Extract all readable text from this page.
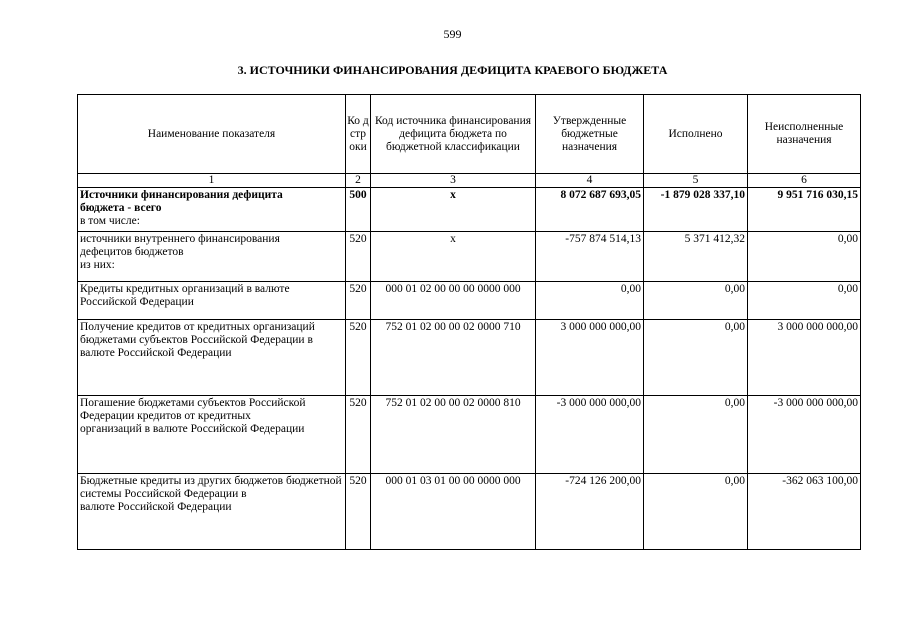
599
3. ИСТОЧНИКИ ФИНАНСИРОВАНИЯ ДЕФИЦИТА КРАЕВОГО БЮДЖЕТА
Наименование показателя	Ко д стр оки	Код источника финансирования дефицита бюджета по бюджетной классификации	Утвержденные бюджетные назначения	Исполнено	Неисполненные назначения
1	2	3	4	5	6

Источники финансирования дефицита
бюджета - всего
в том числе:	500	x	8 072 687 693,05	-1 879 028 337,10	9 951 716 030,15

источники внутреннего финансирования
дефецитов бюджетов
из них:	520	x	-757 874 514,13	5 371 412,32	0,00

Кредиты кредитных организаций в валюте
Российской Федерации	520	000 01 02 00 00 00 0000 000	0,00	0,00	0,00

Получение кредитов от кредитных организаций бюджетами субъектов Российской Федерации в
валюте Российской Федерации	520	752 01 02 00 00 02 0000 710	3 000 000 000,00	0,00	3 000 000 000,00

Погашение бюджетами субъектов Российской Федерации кредитов от кредитных
организаций в валюте Российской Федерации	520	752 01 02 00 00 02 0000 810	-3 000 000 000,00	0,00	-3 000 000 000,00

Бюджетные кредиты из других бюджетов бюджетной системы Российской Федерации в
валюте Российской Федерации	520	000 01 03 01 00 00 0000 000	-724 126 200,00	0,00	-362 063 100,00
